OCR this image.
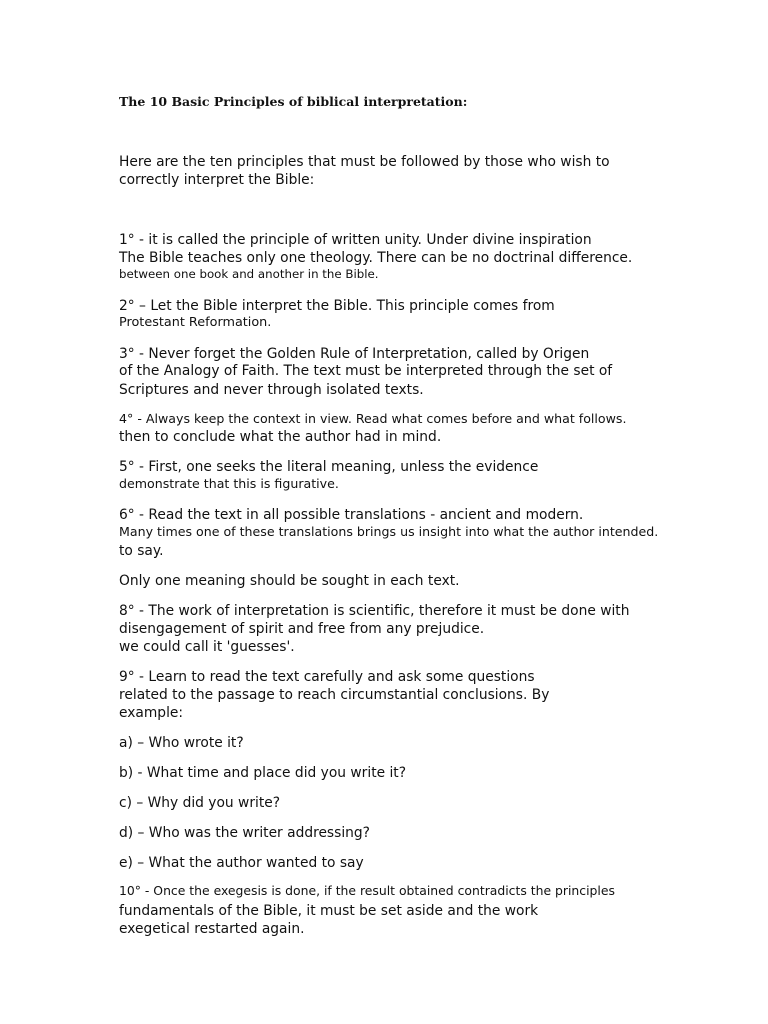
The 10 Basic Principles of biblical interpretation:

Here are the ten principles that must be followed by those who wish to

correctly interpret the Bible:

1° - it is called the principle of written unity. Under divine inspiration

The Bible teaches only one theology. There can be no doctrinal difference.

between one book and another in the Bible.

2° – Let the Bible interpret the Bible. This principle comes from

Protestant Reformation.

3° - Never forget the Golden Rule of Interpretation, called by Origen

of the Analogy of Faith. The text must be interpreted through the set of

Scriptures and never through isolated texts.

4° - Always keep the context in view. Read what comes before and what follows.

then to conclude what the author had in mind.

5° - First, one seeks the literal meaning, unless the evidence

demonstrate that this is figurative.

6° - Read the text in all possible translations - ancient and modern.

Many times one of these translations brings us insight into what the author intended.

to say.

Only one meaning should be sought in each text.

8° - The work of interpretation is scientific, therefore it must be done with

disengagement of spirit and free from any prejudice.

we could call it 'guesses'.

9° - Learn to read the text carefully and ask some questions

related to the passage to reach circumstantial conclusions. By

example:

a) – Who wrote it?

b) - What time and place did you write it?

c) – Why did you write?

d) – Who was the writer addressing?

e) – What the author wanted to say

10° - Once the exegesis is done, if the result obtained contradicts the principles

fundamentals of the Bible, it must be set aside and the work

exegetical restarted again.
